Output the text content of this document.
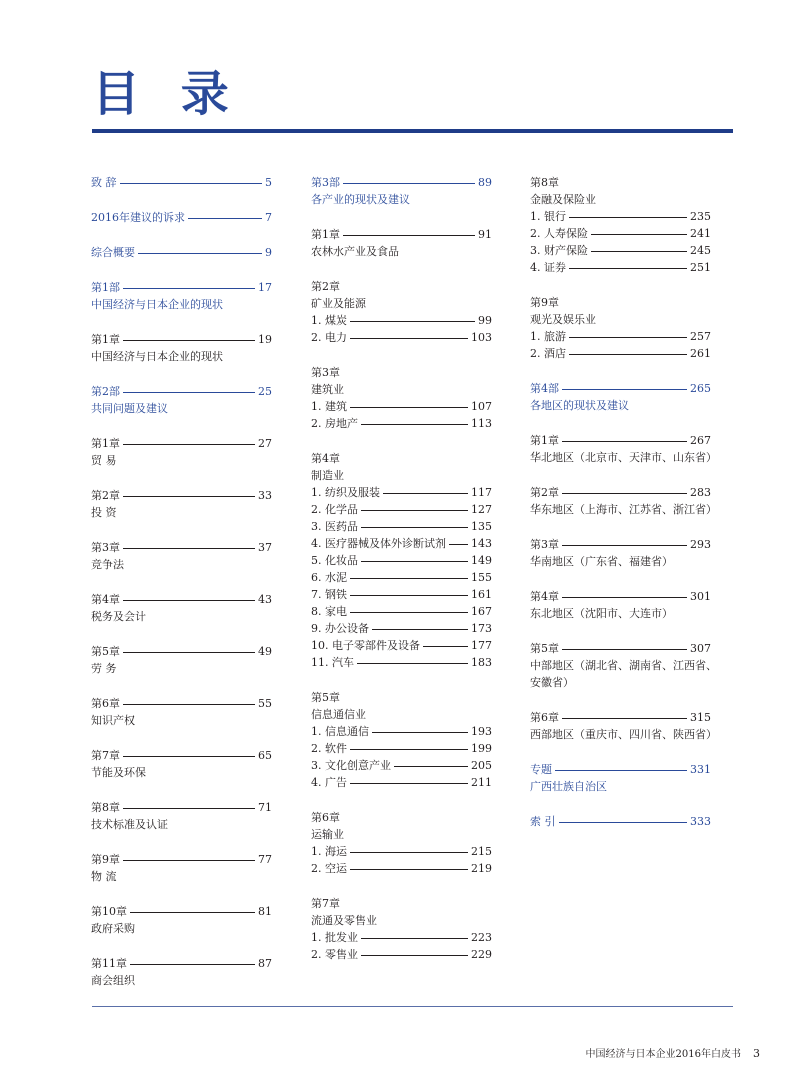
目 录
致 辞	5
2016年建议的诉求	7
综合概要	9
第1部	17
中国经济与日本企业的现状
第1章	19
中国经济与日本企业的现状
第2部	25
共同问题及建议
第1章	27
贸 易
第2章	33
投 资
第3章	37
竞争法
第4章	43
税务及会计
第5章	49
劳 务
第6章	55
知识产权
第7章	65
节能及环保
第8章	71
技术标准及认证
第9章	77
物 流
第10章	81
政府采购
第11章	87
商会组织
第3部	89
各产业的现状及建议
第1章	91
农林水产业及食品
第2章
矿业及能源
1. 煤炭	99
2. 电力	103
第3章
建筑业
1. 建筑	107
2. 房地产	113
第4章
制造业
1. 纺织及服装	117
2. 化学品	127
3. 医药品	135
4. 医疗器械及体外诊断试剂 143
5. 化妆品	149
6. 水泥	155
7. 钢铁	161
8. 家电	167
9. 办公设备	173
10. 电子零部件及设备	177
11. 汽车	183
第5章
信息通信业
1. 信息通信	193
2. 软件	199
3. 文化创意产业	205
4. 广告	211
第6章
运输业
1. 海运	215
2. 空运	219
第7章
流通及零售业
1. 批发业	223
2. 零售业	229
第8章
金融及保险业
1. 银行	235
2. 人寿保险	241
3. 财产保险	245
4. 证券	251
第9章
观光及娱乐业
1. 旅游	257
2. 酒店	261
第4部	265
各地区的现状及建议
第1章	267
华北地区（北京市、天津市、山东省）
第2章	283
华东地区（上海市、江苏省、浙江省）
第3章	293
华南地区（广东省、福建省）
第4章	301
东北地区（沈阳市、大连市）
第5章	307
中部地区（湖北省、湖南省、江西省、
安徽省）
第6章	315
西部地区（重庆市、四川省、陕西省）
专题	331
广西壮族自治区
索 引	333
中国经济与日本企业2016年白皮书 3
